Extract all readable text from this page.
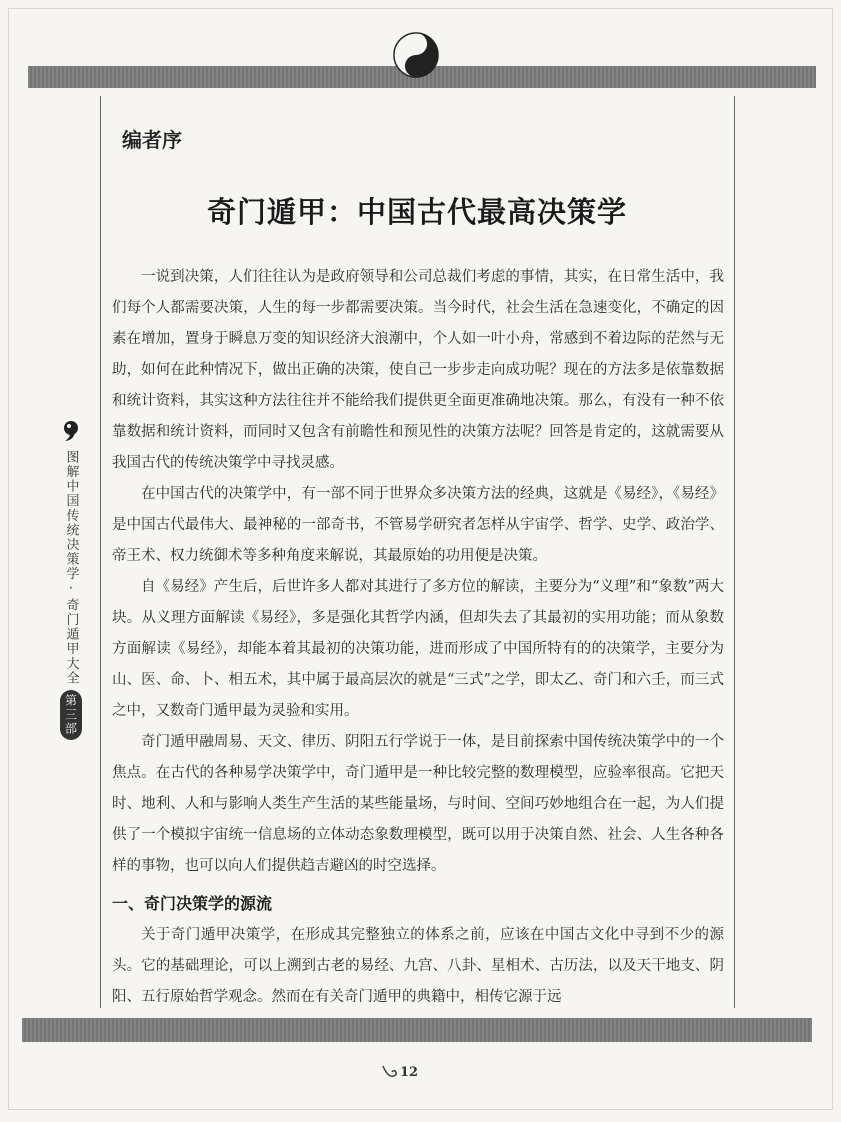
图解中国传统决策学·奇门遁甲大全
第三部
编者序
奇门遁甲：中国古代最高决策学

一说到决策，人们往往认为是政府领导和公司总裁们考虑的事情，其实，在日常生活中，我们每个人都需要决策，人生的每一步都需要决策。当今时代，社会生活在急速变化，不确定的因素在增加，置身于瞬息万变的知识经济大浪潮中，个人如一叶小舟，常感到不着边际的茫然与无助，如何在此种情况下，做出正确的决策，使自己一步步走向成功呢？现在的方法多是依靠数据和统计资料，其实这种方法往往并不能给我们提供更全面更准确地决策。那么，有没有一种不依靠数据和统计资料，而同时又包含有前瞻性和预见性的决策方法呢？回答是肯定的，这就需要从我国古代的传统决策学中寻找灵感。

在中国古代的决策学中，有一部不同于世界众多决策方法的经典，这就是《易经》，《易经》是中国古代最伟大、最神秘的一部奇书，不管易学研究者怎样从宇宙学、哲学、史学、政治学、帝王术、权力统御术等多种角度来解说，其最原始的功用便是决策。

自《易经》产生后，后世许多人都对其进行了多方位的解读，主要分为“义理”和“象数”两大块。从义理方面解读《易经》，多是强化其哲学内涵，但却失去了其最初的实用功能；而从象数方面解读《易经》，却能本着其最初的决策功能，进而形成了中国所特有的的决策学，主要分为山、医、命、卜、相五术，其中属于最高层次的就是“三式”之学，即太乙、奇门和六壬，而三式之中，又数奇门遁甲最为灵验和实用。

奇门遁甲融周易、天文、律历、阴阳五行学说于一体，是目前探索中国传统决策学中的一个焦点。在古代的各种易学决策学中，奇门遁甲是一种比较完整的数理模型，应验率很高。它把天时、地利、人和与影响人类生产生活的某些能量场，与时间、空间巧妙地组合在一起，为人们提供了一个模拟宇宙统一信息场的立体动态象数理模型，既可以用于决策自然、社会、人生各种各样的事物，也可以向人们提供趋吉避凶的时空选择。

一、奇门决策学的源流

关于奇门遁甲决策学，在形成其完整独立的体系之前，应该在中国古文化中寻到不少的源头。它的基础理论，可以上溯到古老的易经、九宫、八卦、星相术、古历法，以及天干地支、阴阳、五行原始哲学观念。然而在有关奇门遁甲的典籍中，相传它源于远

12
